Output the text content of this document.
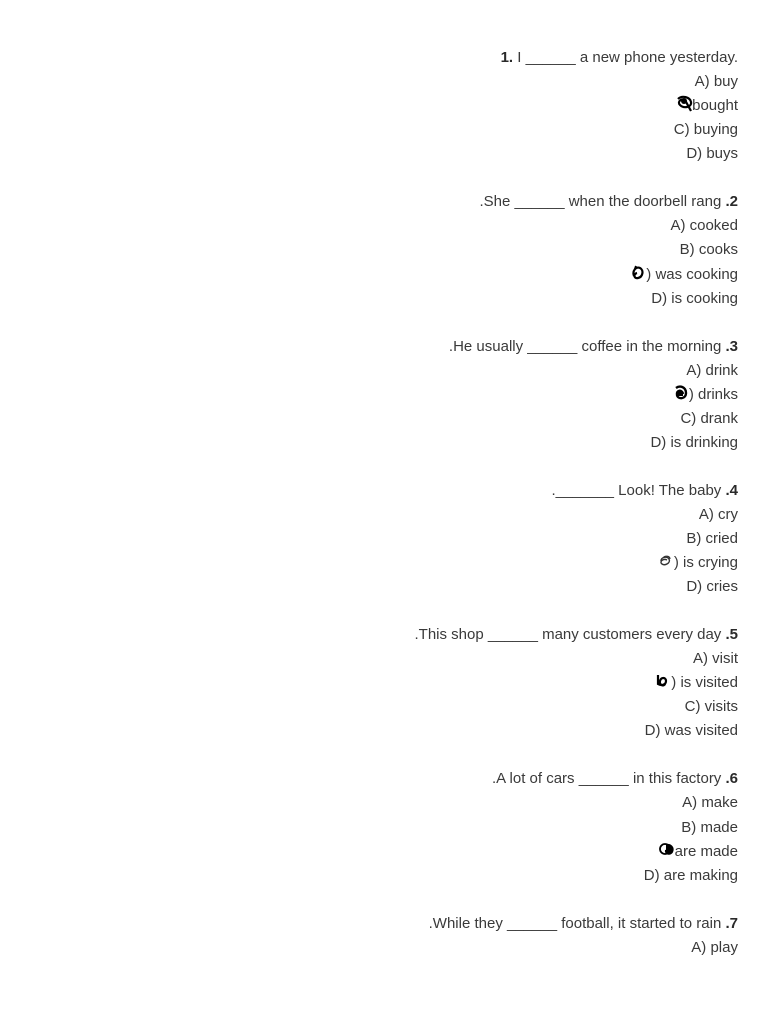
1. I ______ a new phone yesterday.
A) buy
bought
C) buying
D) buys
.She ______ when the doorbell rang .2
A) cooked
B) cooks
) was cooking
D) is cooking
.He usually ______ coffee in the morning .3
A) drink
) drinks
C) drank
D) is drinking
._______ Look! The baby .4
A) cry
B) cried
) is crying
D) cries
.This shop ______ many customers every day .5
A) visit
) is visited
C) visits
D) was visited
.A lot of cars ______ in this factory .6
A) make
B) made
are made
D) are making
.While they ______ football, it started to rain .7
A) play
